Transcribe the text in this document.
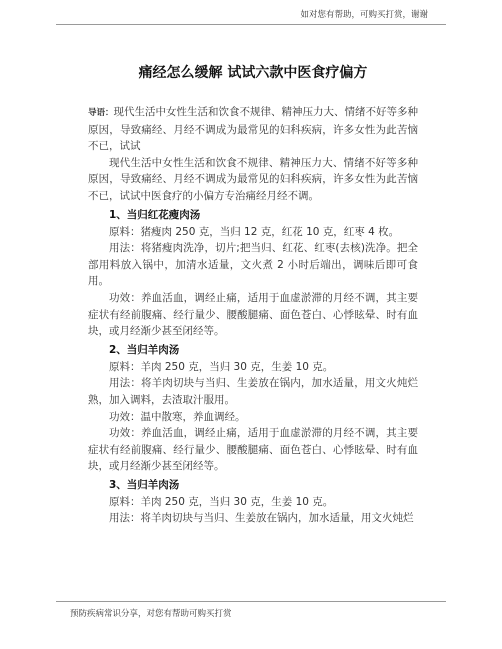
如对您有帮助，可购买打赏，谢谢
痛经怎么缓解 试试六款中医食疗偏方

导语：现代生活中女性生活和饮食不规律、精神压力大、情绪不好等多种原因，导致痛经、月经不调成为最常见的妇科疾病，许多女性为此苦恼不已，试试

现代生活中女性生活和饮食不规律、精神压力大、情绪不好等多种原因，导致痛经、月经不调成为最常见的妇科疾病，许多女性为此苦恼不已，试试中医食疗的小偏方专治痛经月经不调。

1、当归红花瘦肉汤

原料：猪瘦肉 250 克，当归 12 克，红花 10 克，红枣 4 枚。

用法：将猪瘦肉洗净，切片;把当归、红花、红枣(去核)洗净。把全部用料放入锅中，加清水适量，文火煮 2 小时后端出，调味后即可食用。

功效：养血活血，调经止痛，适用于血虚淤滞的月经不调，其主要症状有经前腹痛、经行量少、腰酸腿痛、面色苍白、心悸眩晕、时有血块，或月经渐少甚至闭经等。

2、当归羊肉汤

原料：羊肉 250 克，当归 30 克，生姜 10 克。

用法：将羊肉切块与当归、生姜放在锅内，加水适量，用文火炖烂熟，加入调料，去渣取汁服用。

功效：温中散寒，养血调经。

功效：养血活血，调经止痛，适用于血虚淤滞的月经不调，其主要症状有经前腹痛、经行量少、腰酸腿痛、面色苍白、心悸眩晕、时有血块，或月经渐少甚至闭经等。

3、当归羊肉汤

原料：羊肉 250 克，当归 30 克，生姜 10 克。

用法：将羊肉切块与当归、生姜放在锅内，加水适量，用文火炖烂

预防疾病常识分享，对您有帮助可购买打赏
